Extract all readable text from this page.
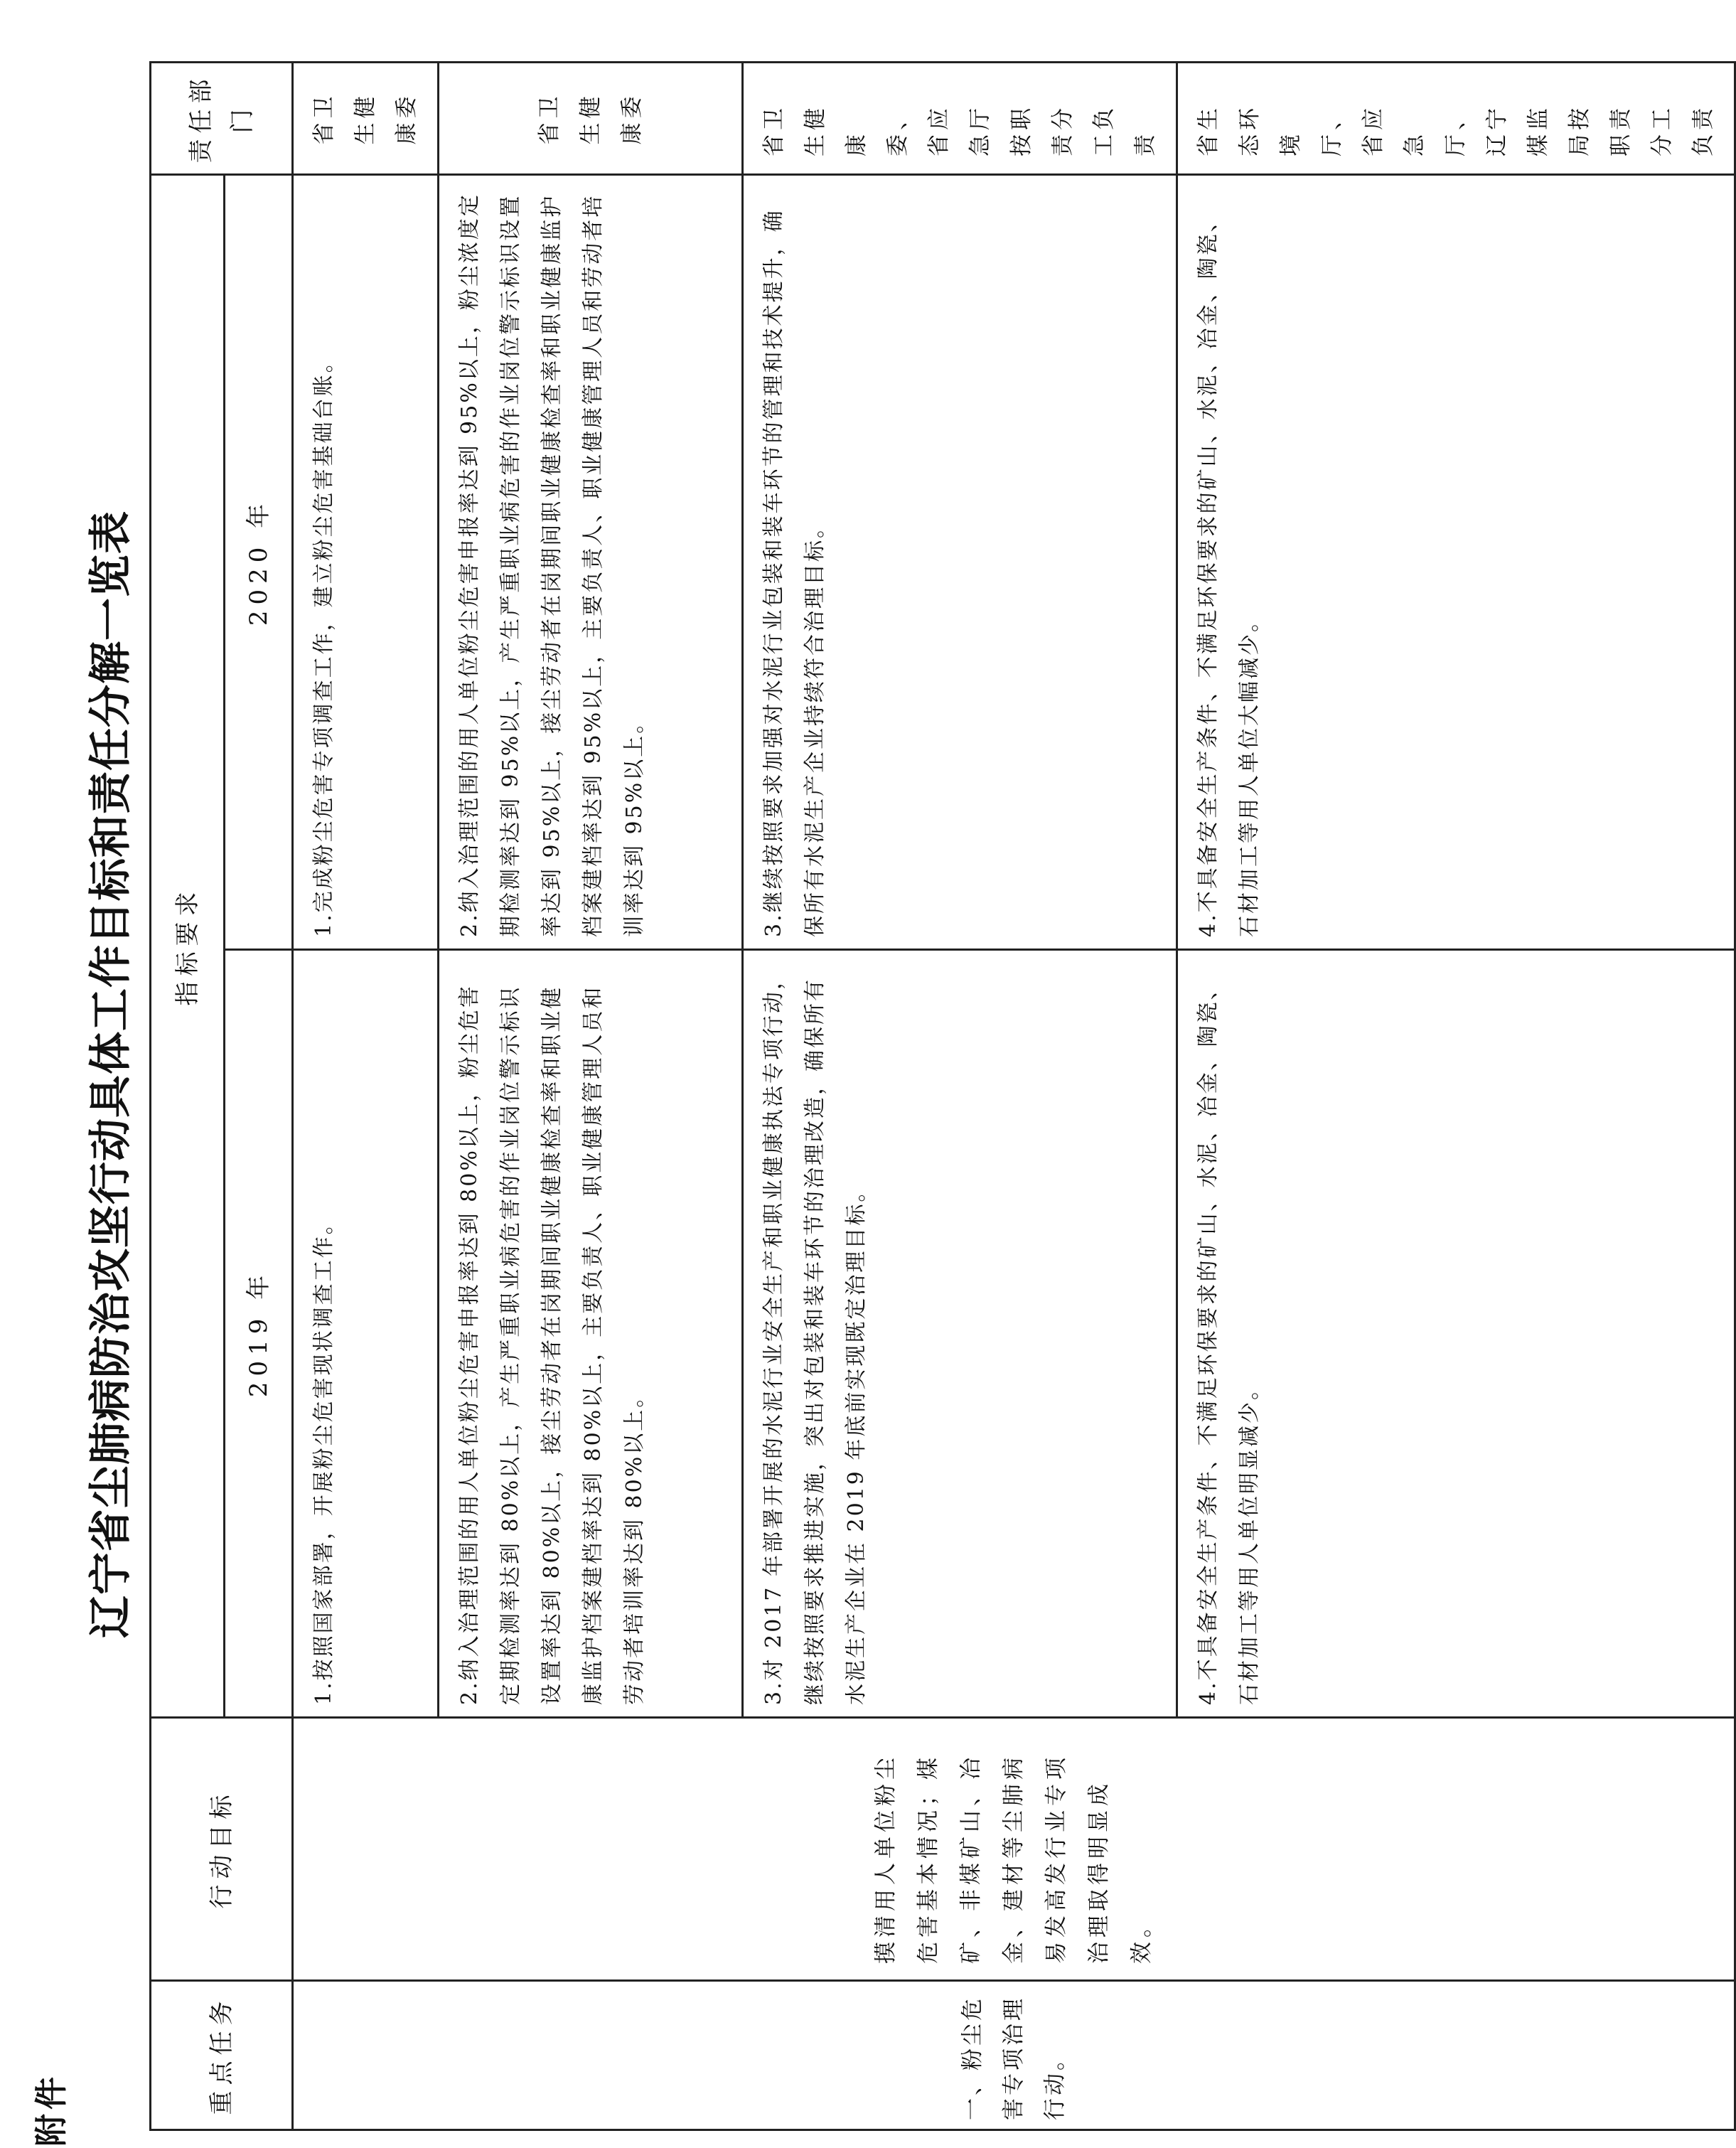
附件
辽宁省尘肺病防治攻坚行动具体工作目标和责任分解一览表
重点任务	行动目标	指标要求		责任部门
		2019 年	2020 年	
一、粉尘危害专项治理行动。	摸清用人单位粉尘危害基本情况；煤矿、非煤矿山、冶金、建材等尘肺病易发高发行业专项治理取得明显成效。	1.按照国家部署，开展粉尘危害现状调查工作。	1.完成粉尘危害专项调查工作，建立粉尘危害基础台账。	省卫生健康委
		2.纳入治理范围的用人单位粉尘危害申报率达到 80%以上，粉尘危害定期检测率达到 80%以上，产生严重职业病危害的作业岗位警示标识设置率达到 80%以上，接尘劳动者在岗期间职业健康检查率和职业健康监护档案建档率达到 80%以上，主要负责人、职业健康管理人员和劳动者培训率达到 80%以上。	2.纳入治理范围的用人单位粉尘危害申报率达到 95%以上，粉尘浓度定期检测率达到 95%以上，产生严重职业病危害的作业岗位警示标识设置率达到 95%以上，接尘劳动者在岗期间职业健康检查率和职业健康监护档案建档率达到 95%以上，主要负责人、职业健康管理人员和劳动者培训率达到 95%以上。	省卫生健康委
		3.对 2017 年部署开展的水泥行业安全生产和职业健康执法专项行动，继续按照要求推进实施，突出对包装和装车环节的治理改造，确保所有水泥生产企业在 2019 年底前实现既定治理目标。	3.继续按照要求加强对水泥行业包装和装车环节的管理和技术提升，确保所有水泥生产企业持续符合治理目标。	省卫生健康委、省应急厅按职责分工负责
		4.不具备安全生产条件、不满足环保要求的矿山、水泥、冶金、陶瓷、石材加工等用人单位明显减少。	4.不具备安全生产条件、不满足环保要求的矿山、水泥、冶金、陶瓷、石材加工等用人单位大幅减少。	省生态环境厅、省应急厅、辽宁煤监局按职责分工负责
